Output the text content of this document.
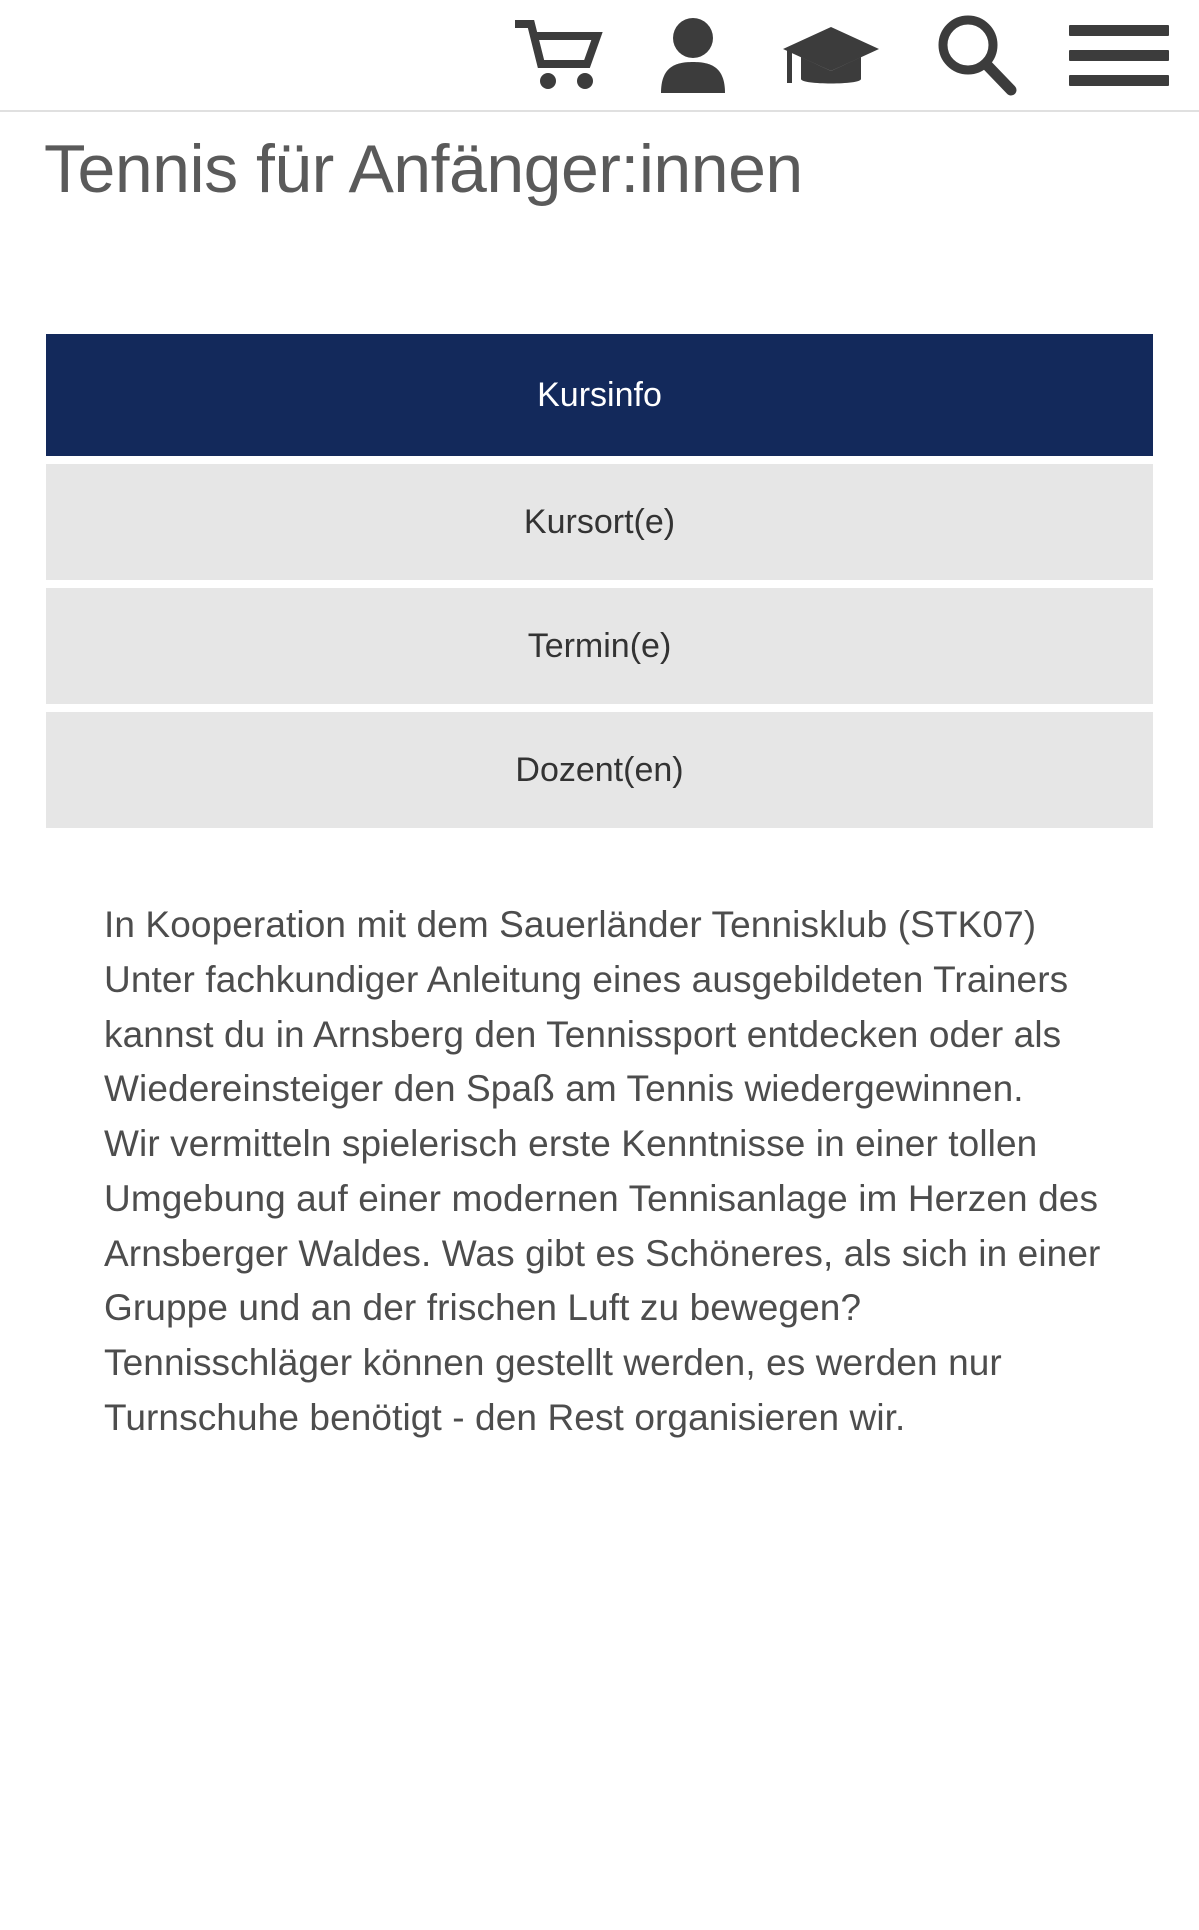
Tennis für Anfänger:innen
Kursinfo
Kursort(e)
Termin(e)
Dozent(en)

In Kooperation mit dem Sauerländer Tennisklub (STK07)

Unter fachkundiger Anleitung eines ausgebildeten Trainers kannst du in Arnsberg den Tennissport entdecken oder als Wiedereinsteiger den Spaß am Tennis wiedergewinnen.

Wir vermitteln spielerisch erste Kenntnisse in einer tollen Umgebung auf einer modernen Tennisanlage im Herzen des Arnsberger Waldes. Was gibt es Schöneres, als sich in einer Gruppe und an der frischen Luft zu bewegen?

Tennisschläger können gestellt werden, es werden nur Turnschuhe benötigt - den Rest organisieren wir.
